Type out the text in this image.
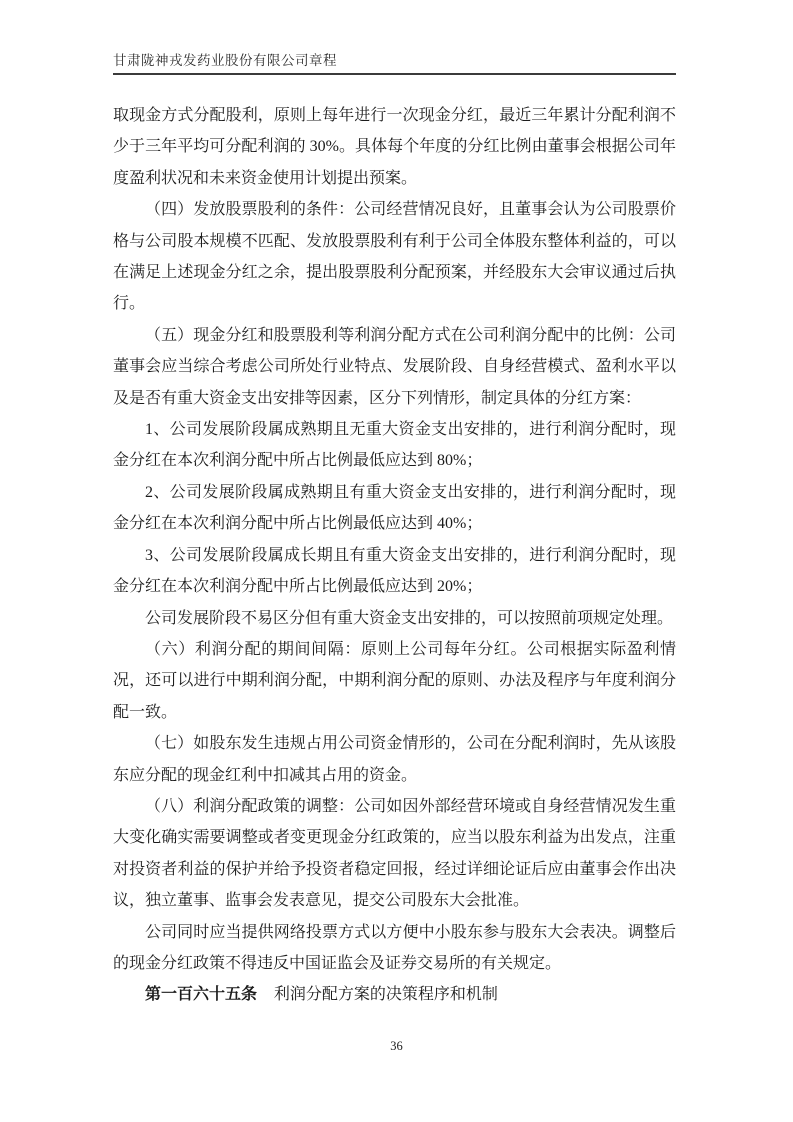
甘肃陇神戎发药业股份有限公司章程

取现金方式分配股利，原则上每年进行一次现金分红，最近三年累计分配利润不少于三年平均可分配利润的 30%。具体每个年度的分红比例由董事会根据公司年度盈利状况和未来资金使用计划提出预案。

（四）发放股票股利的条件：公司经营情况良好，且董事会认为公司股票价格与公司股本规模不匹配、发放股票股利有利于公司全体股东整体利益的，可以在满足上述现金分红之余，提出股票股利分配预案，并经股东大会审议通过后执行。

（五）现金分红和股票股利等利润分配方式在公司利润分配中的比例：公司董事会应当综合考虑公司所处行业特点、发展阶段、自身经营模式、盈利水平以及是否有重大资金支出安排等因素，区分下列情形，制定具体的分红方案：

1、公司发展阶段属成熟期且无重大资金支出安排的，进行利润分配时，现金分红在本次利润分配中所占比例最低应达到 80%；

2、公司发展阶段属成熟期且有重大资金支出安排的，进行利润分配时，现金分红在本次利润分配中所占比例最低应达到 40%；

3、公司发展阶段属成长期且有重大资金支出安排的，进行利润分配时，现金分红在本次利润分配中所占比例最低应达到 20%；

公司发展阶段不易区分但有重大资金支出安排的，可以按照前项规定处理。

（六）利润分配的期间间隔：原则上公司每年分红。公司根据实际盈利情况，还可以进行中期利润分配，中期利润分配的原则、办法及程序与年度利润分配一致。

（七）如股东发生违规占用公司资金情形的，公司在分配利润时，先从该股东应分配的现金红利中扣减其占用的资金。

（八）利润分配政策的调整：公司如因外部经营环境或自身经营情况发生重大变化确实需要调整或者变更现金分红政策的，应当以股东利益为出发点，注重对投资者利益的保护并给予投资者稳定回报，经过详细论证后应由董事会作出决议，独立董事、监事会发表意见，提交公司股东大会批准。

公司同时应当提供网络投票方式以方便中小股东参与股东大会表决。调整后的现金分红政策不得违反中国证监会及证券交易所的有关规定。

第一百六十五条 利润分配方案的决策程序和机制

36
